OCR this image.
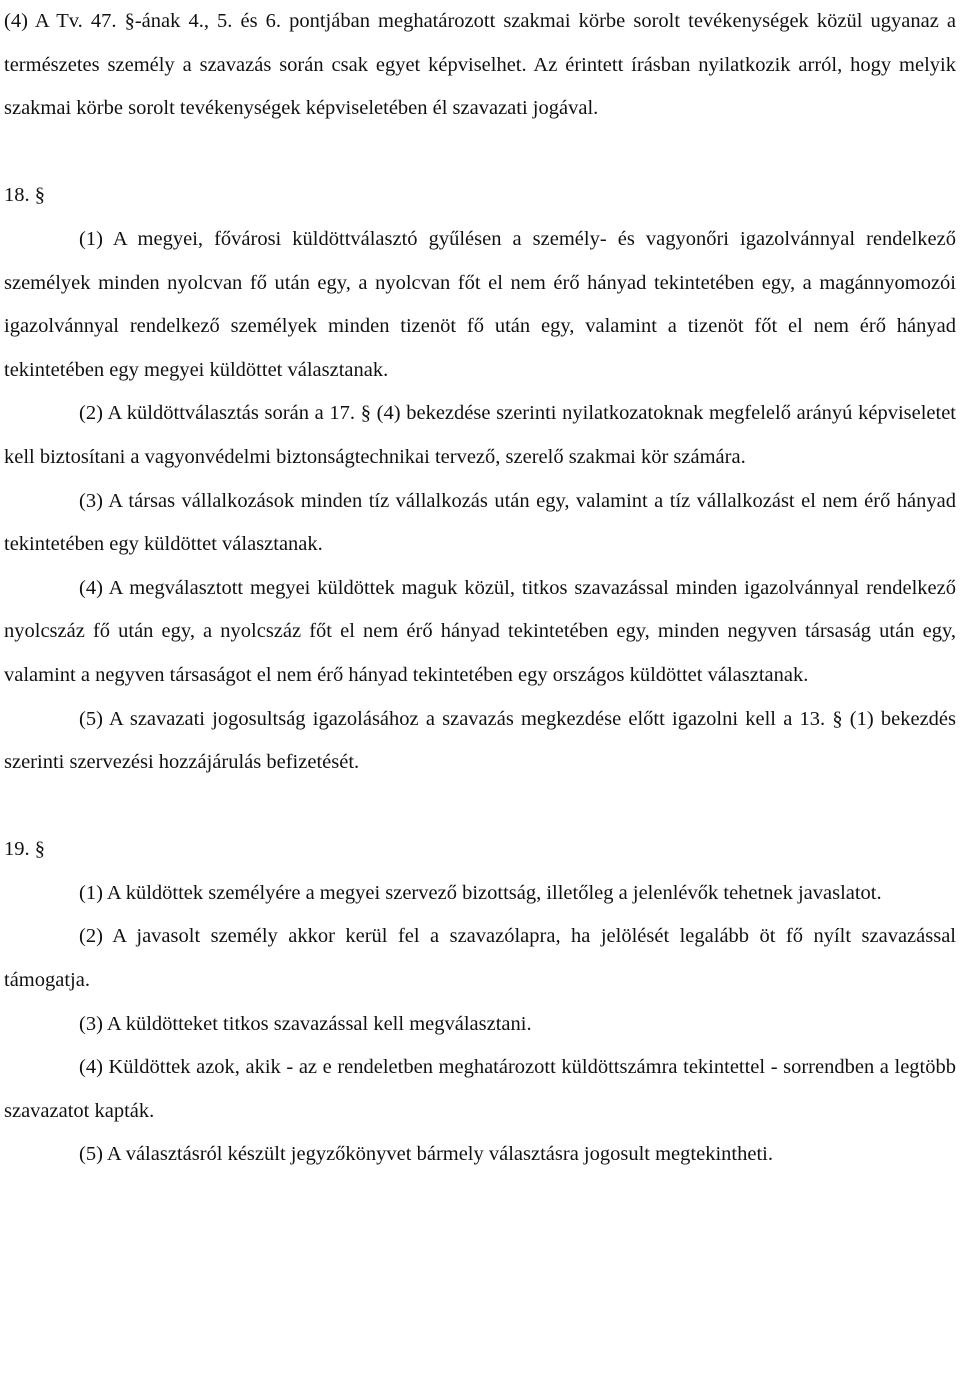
(4) A Tv. 47. §-ának 4., 5. és 6. pontjában meghatározott szakmai körbe sorolt tevékenységek közül ugyanaz a természetes személy a szavazás során csak egyet képviselhet. Az érintett írásban nyilatkozik arról, hogy melyik szakmai körbe sorolt tevékenységek képviseletében él szavazati jogával.

18. §

(1) A megyei, fővárosi küldöttválasztó gyűlésen a személy- és vagyonőri igazolvánnyal rendelkező személyek minden nyolcvan fő után egy, a nyolcvan főt el nem érő hányad tekintetében egy, a magánnyomozói igazolvánnyal rendelkező személyek minden tizenöt fő után egy, valamint a tizenöt főt el nem érő hányad tekintetében egy megyei küldöttet választanak.

(2) A küldöttválasztás során a 17. § (4) bekezdése szerinti nyilatkozatoknak megfelelő arányú képviseletet kell biztosítani a vagyonvédelmi biztonságtechnikai tervező, szerelő szakmai kör számára.

(3) A társas vállalkozások minden tíz vállalkozás után egy, valamint a tíz vállalkozást el nem érő hányad tekintetében egy küldöttet választanak.

(4) A megválasztott megyei küldöttek maguk közül, titkos szavazással minden igazolvánnyal rendelkező nyolcszáz fő után egy, a nyolcszáz főt el nem érő hányad tekintetében egy, minden negyven társaság után egy, valamint a negyven társaságot el nem érő hányad tekintetében egy országos küldöttet választanak.

(5) A szavazati jogosultság igazolásához a szavazás megkezdése előtt igazolni kell a 13. § (1) bekezdés szerinti szervezési hozzájárulás befizetését.

19. §

(1) A küldöttek személyére a megyei szervező bizottság, illetőleg a jelenlévők tehetnek javaslatot.

(2) A javasolt személy akkor kerül fel a szavazólapra, ha jelölését legalább öt fő nyílt szavazással támogatja.

(3) A küldötteket titkos szavazással kell megválasztani.

(4) Küldöttek azok, akik - az e rendeletben meghatározott küldöttszámra tekintettel - sorrendben a legtöbb szavazatot kapták.

(5) A választásról készült jegyzőkönyvet bármely választásra jogosult megtekintheti.
